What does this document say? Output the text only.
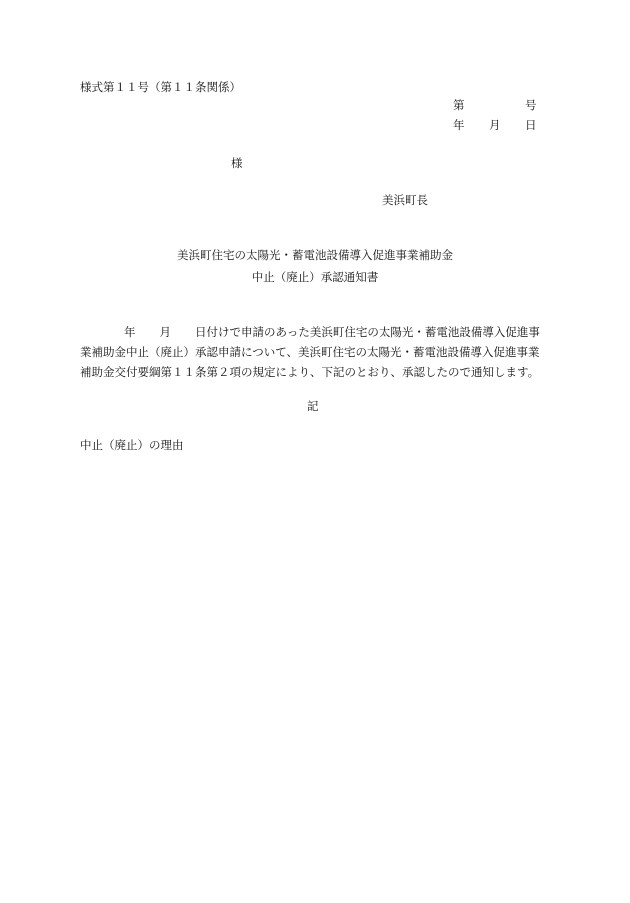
様式第１１号（第１１条関係）
第	号
年 月 日
様
美浜町長
美浜町住宅の太陽光・蓄電池設備導入促進事業補助金
中止（廃止）承認通知書
年 月 日付けで申請のあった美浜町住宅の太陽光・蓄電池設備導入促進事
業補助金中止（廃止）承認申請について、美浜町住宅の太陽光・蓄電池設備導入促進事業
補助金交付要綱第１１条第２項の規定により、下記のとおり、承認したので通知します。
記
中止（廃止）の理由
